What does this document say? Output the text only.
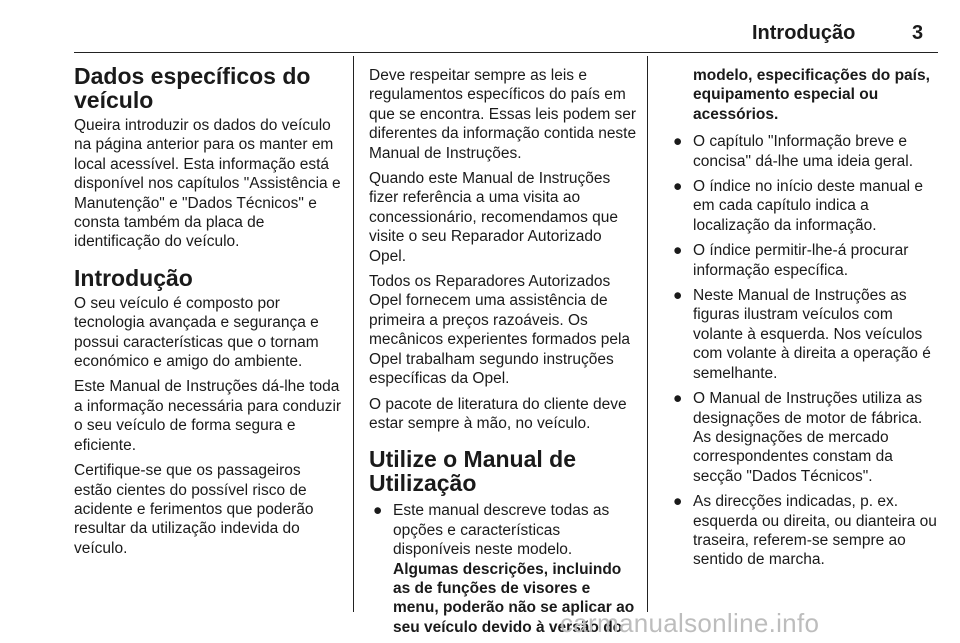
Introdução	3
Dados específicos do veículo

Queira introduzir os dados do veículo na página anterior para os manter em local acessível. Esta informação está disponível nos capítulos "Assistência e Manutenção" e "Dados Técnicos" e consta também da placa de identificação do veículo.

Introdução

O seu veículo é composto por tecnologia avançada e segurança e possui características que o tornam económico e amigo do ambiente.

Este Manual de Instruções dá-lhe toda a informação necessária para conduzir o seu veículo de forma segura e eficiente.

Certifique-se que os passageiros estão cientes do possível risco de acidente e ferimentos que poderão resultar da utilização indevida do veículo.

Deve respeitar sempre as leis e regulamentos específicos do país em que se encontra. Essas leis podem ser diferentes da informação contida neste Manual de Instruções.

Quando este Manual de Instruções fizer referência a uma visita ao concessionário, recomendamos que visite o seu Reparador Autorizado Opel.

Todos os Reparadores Autorizados Opel fornecem uma assistência de primeira a preços razoáveis. Os mecânicos experientes formados pela Opel trabalham segundo instruções específicas da Opel.

O pacote de literatura do cliente deve estar sempre à mão, no veículo.

Utilize o Manual de Utilização
● Este manual descreve todas as opções e características disponíveis neste modelo.
Algumas descrições, incluindo as de funções de visores e menu, poderão não se aplicar ao seu veículo devido à versão do
modelo, especificações do país, equipamento especial ou acessórios.
● O capítulo "Informação breve e concisa" dá-lhe uma ideia geral.
● O índice no início deste manual e em cada capítulo indica a localização da informação.
● O índice permitir-lhe-á procurar informação específica.
● Neste Manual de Instruções as figuras ilustram veículos com volante à esquerda. Nos veículos com volante à direita a operação é semelhante.
● O Manual de Instruções utiliza as designações de motor de fábrica. As designações de mercado correspondentes constam da secção "Dados Técnicos".
● As direcções indicadas, p. ex. esquerda ou direita, ou dianteira ou traseira, referem-se sempre ao sentido de marcha.
carmanualsonline.info
